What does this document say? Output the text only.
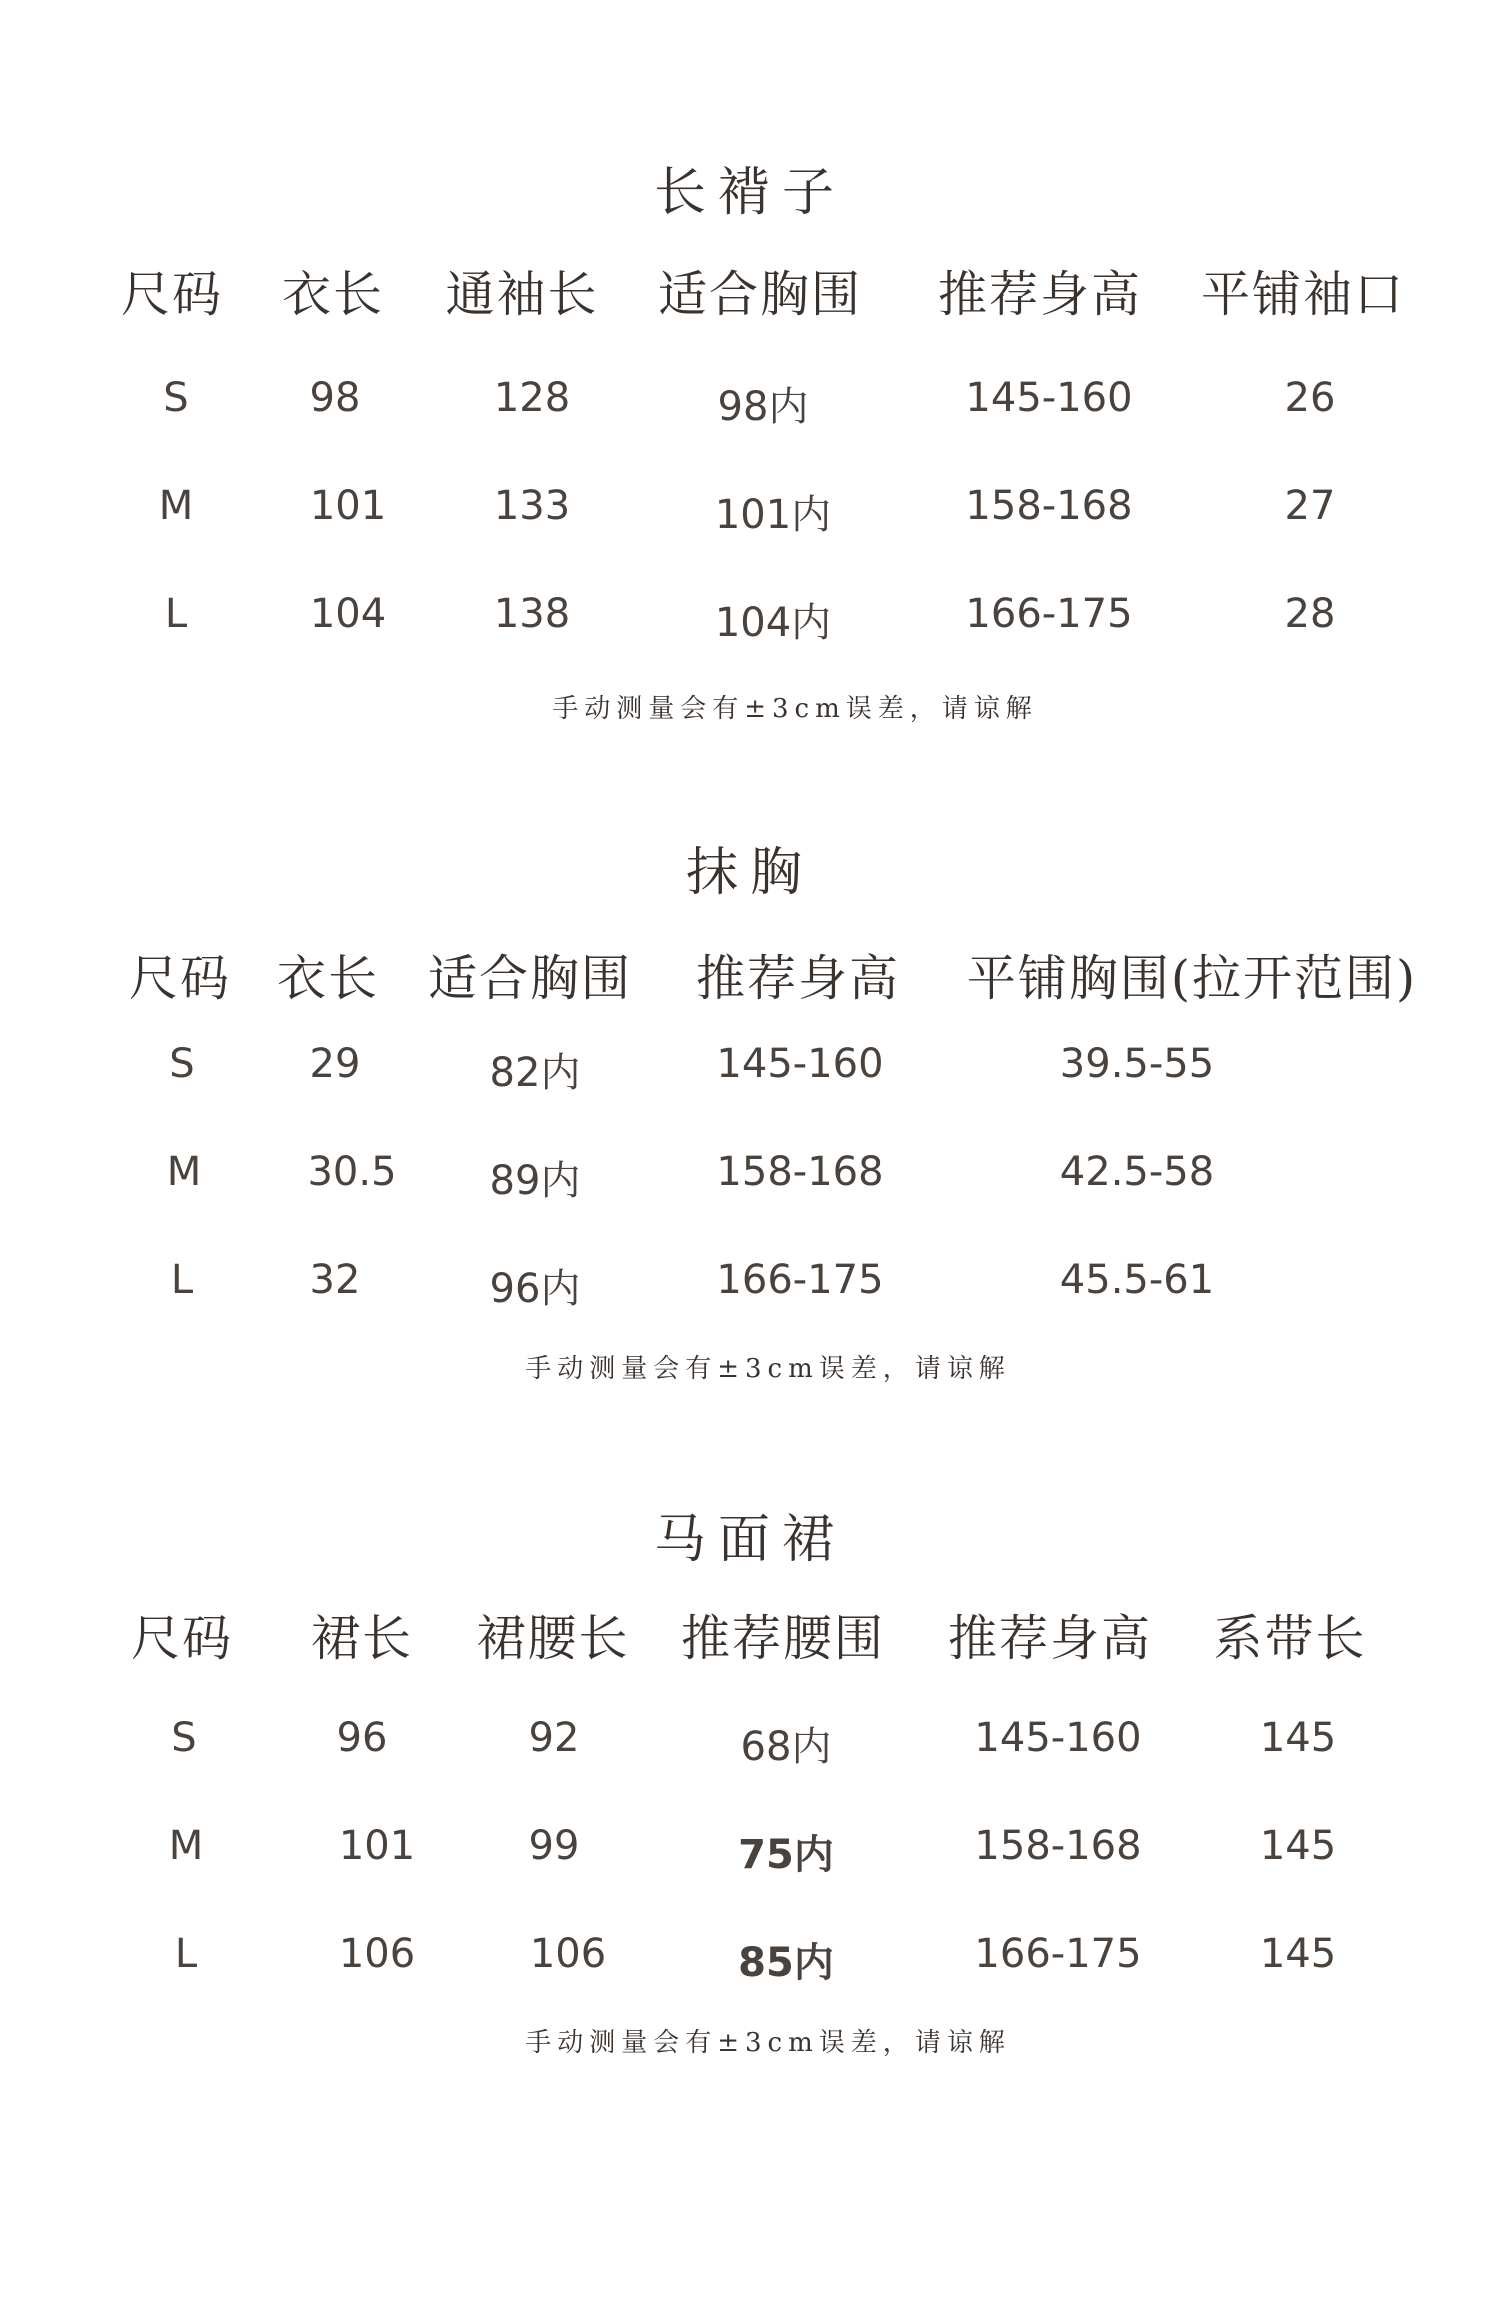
长褙子
尺码 衣长 通袖长 适合胸围 推荐身高 平铺袖口
S	98	128	98内	145-160	26
M	101	133	101内	158-168	27
L	104	138	104内	166-175	28
手动测量会有±3cm误差，请谅解
抹胸
尺码 衣长 适合胸围 推荐身高 平铺胸围(拉开范围)
S	29	82内	145-160	39.5-55
M	30.5 89内	158-168	42.5-58
L	32	96内	166-175	45.5-61
手动测量会有±3cm误差，请谅解
马面裙
尺码 裙长 裙腰长 推荐腰围 推荐身高 系带长
S	96	92	68内	145-160	145
M	101	99	75内	158-168	145
L	106	106	85内	166-175	145
手动测量会有±3cm误差，请谅解
